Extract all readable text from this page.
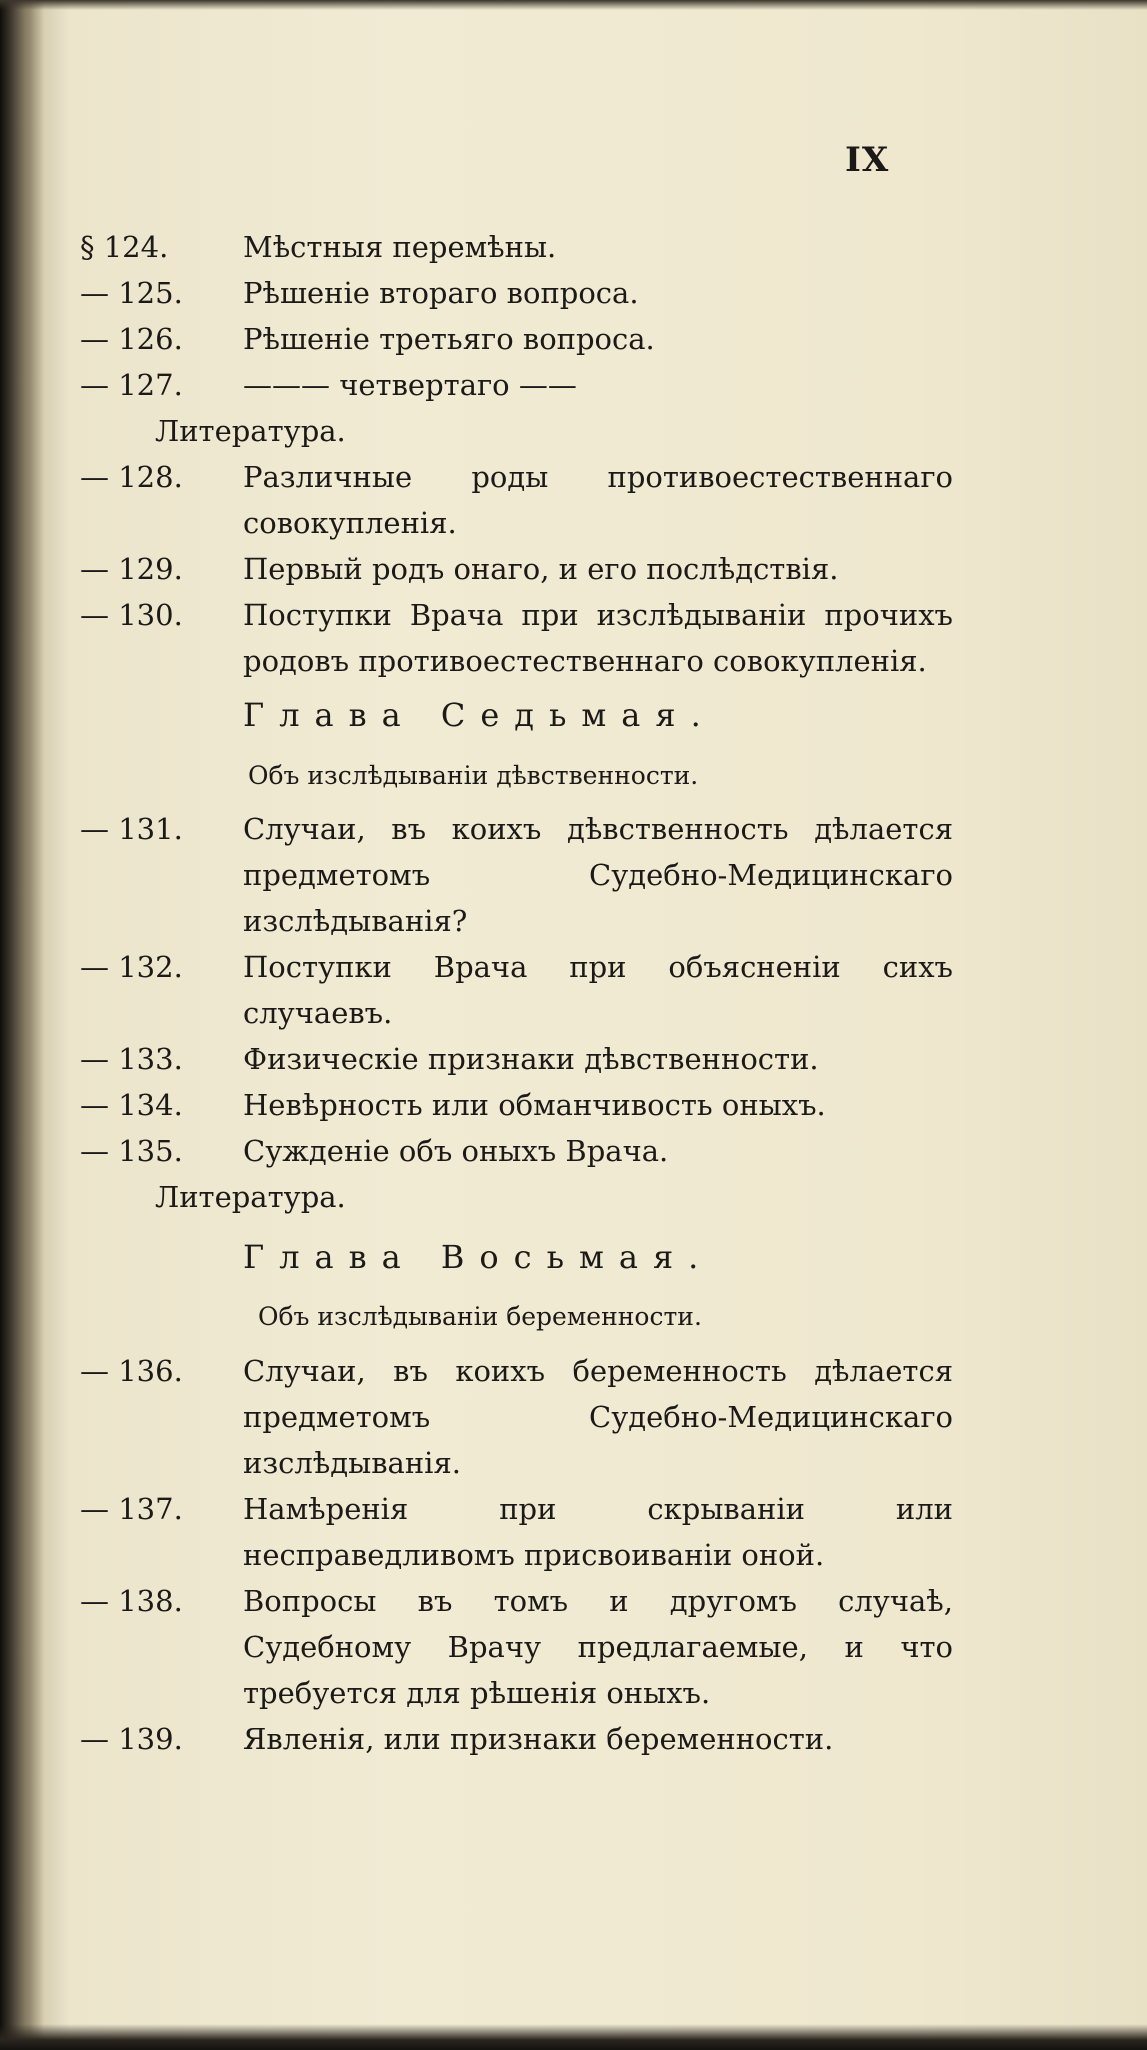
IX
§ 124.	Мѣстныя перемѣны.
— 125.	Рѣшеніе втораго вопроса.
— 126.	Рѣшеніе третьяго вопроса.
— 127.	——— четвертаго ——
Литература.
— 128.	Различные роды противоестественнаго совокупленія.
— 129.	Первый родъ онаго, и его послѣдствія.
— 130.	Поступки Врача при изслѣдываніи прочихъ родовъ противоестественнаго совокупленія.
Глава Седьмая.
Объ изслѣдываніи дѣвственности.
— 131.	Случаи, въ коихъ дѣвственность дѣлается предметомъ Судебно-Медицинскаго изслѣдыванія?
— 132.	Поступки Врача при объясненіи сихъ случаевъ.
— 133.	Физическіе признаки дѣвственности.
— 134.	Невѣрность или обманчивость оныхъ.
— 135.	Сужденіе объ оныхъ Врача.
Литература.
Глава Восьмая.
Объ изслѣдываніи беременности.
— 136.	Случаи, въ коихъ беременность дѣлается предметомъ Судебно-Медицинскаго изслѣдыванія.
— 137.	Намѣренія при скрываніи или несправедливомъ присвоиваніи оной.
— 138.	Вопросы въ томъ и другомъ случаѣ, Судебному Врачу предлагаемые, и что требуется для рѣшенія оныхъ.
— 139.	Явленія, или признаки беременности.
